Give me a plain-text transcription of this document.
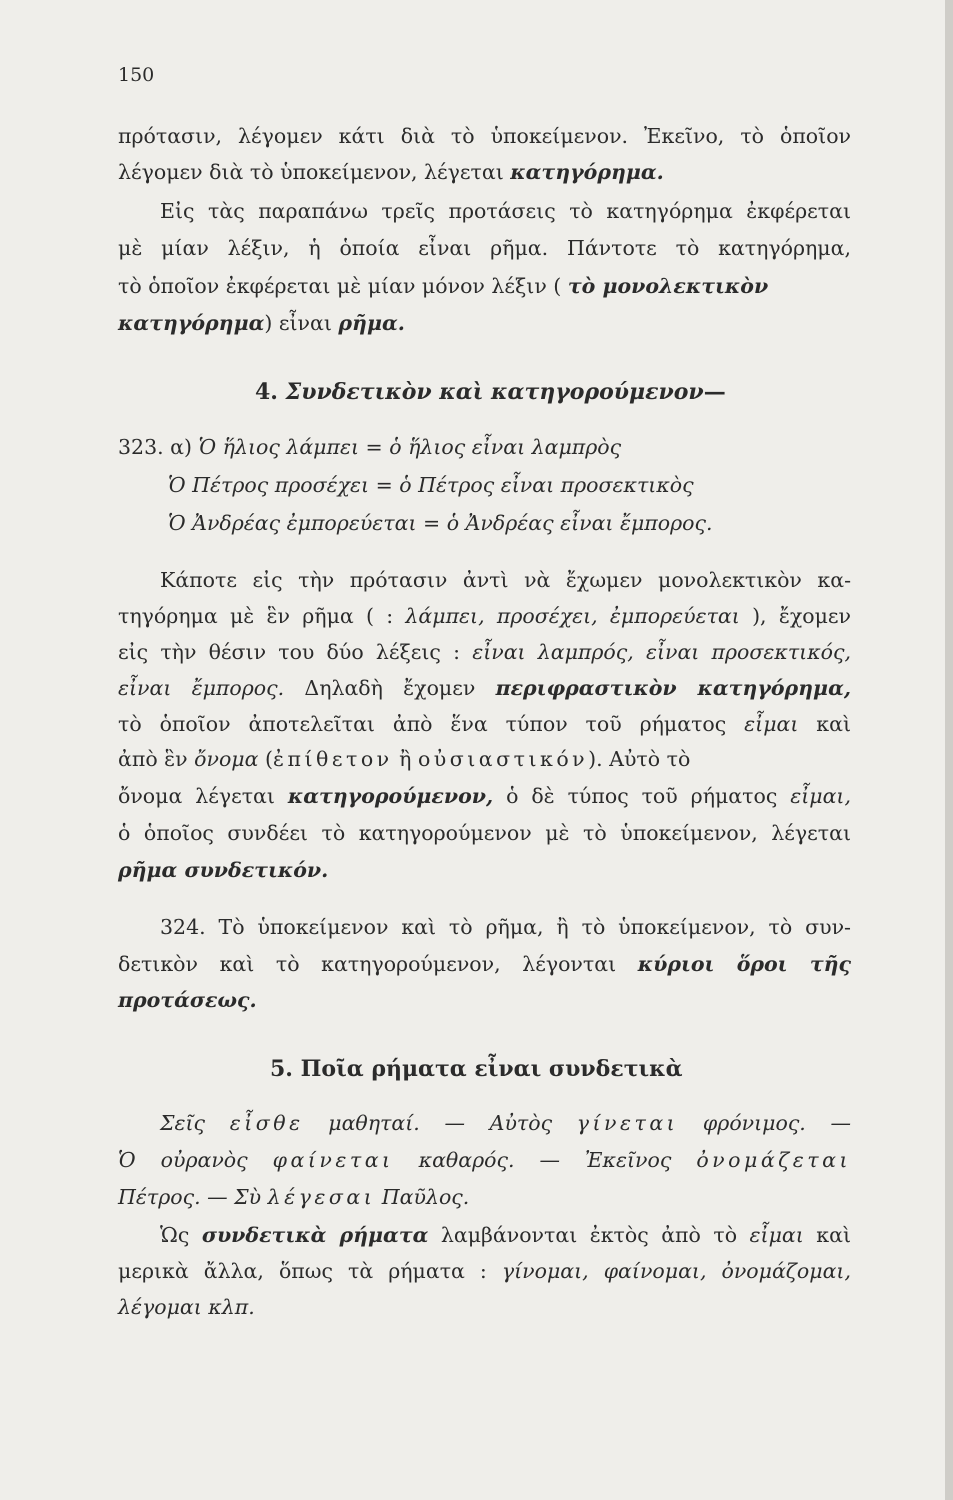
150
πρότασιν, λέγομεν κάτι διὰ τὸ ὑποκείμενον. Ἐκεῖνο, τὸ ὁποῖον
λέγομεν διὰ τὸ ὑποκείμενον, λέγεται κατηγόρημα.
Εἰς τὰς παραπάνω τρεῖς προτάσεις τὸ κατηγόρημα ἐκφέρεται
μὲ μίαν λέξιν, ἡ ὁποία εἶναι ρῆμα. Πάντοτε τὸ κατηγόρημα,
τὸ ὁποῖον ἐκφέρεται μὲ μίαν μόνον λέξιν ( τὸ μονολεκτικὸν
κατηγόρημα) εἶναι ρῆμα.
4. Συνδετικὸν καὶ κατηγορούμενον—
323. α) Ὁ ἥλιος λάμπει = ὁ ἥλιος εἶναι λαμπρὸς
Ὁ Πέτρος προσέχει = ὁ Πέτρος εἶναι προσεκτικὸς
Ὁ Ἀνδρέας ἐμπορεύεται = ὁ Ἀνδρέας εἶναι ἔμπορος.
Κάποτε εἰς τὴν πρότασιν ἀντὶ νὰ ἔχωμεν μονολεκτικὸν κα-
τηγόρημα μὲ ἓν ρῆμα ( : λάμπει, προσέχει, ἐμπορεύεται ), ἔχομεν
εἰς τὴν θέσιν του δύο λέξεις : εἶναι λαμπρός, εἶναι προσεκτικός,
εἶναι ἔμπορος. Δηλαδὴ ἔχομεν περιφραστικὸν κατηγόρημα,
τὸ ὁποῖον ἀποτελεῖται ἀπὸ ἕνα τύπον τοῦ ρήματος εἶμαι καὶ
ἀπὸ ἓν ὄνομα (ἐπίθετον ἢ οὐσιαστικόν). Αὐτὸ τὸ
ὄνομα λέγεται κατηγορούμενον, ὁ δὲ τύπος τοῦ ρήματος εἶμαι,
ὁ ὁποῖος συνδέει τὸ κατηγορούμενον μὲ τὸ ὑποκείμενον, λέγεται
ρῆμα συνδετικόν.
324. Τὸ ὑποκείμενον καὶ τὸ ρῆμα, ἢ τὸ ὑποκείμενον, τὸ συν-
δετικὸν καὶ τὸ κατηγορούμενον, λέγονται κύριοι ὅροι τῆς
προτάσεως.
5. Ποῖα ρήματα εἶναι συνδετικὰ
Σεῖς εἶσθε μαθηταί. — Αὐτὸς γίνεται φρόνιμος. —
Ὁ οὐρανὸς φαίνεται καθαρός. — Ἐκεῖνος ὀνομάζεται
Πέτρος. — Σὺ λέγεσαι Παῦλος.
Ὡς συνδετικὰ ρήματα λαμβάνονται ἐκτὸς ἀπὸ τὸ εἶμαι καὶ
μερικὰ ἄλλα, ὅπως τὰ ρήματα : γίνομαι, φαίνομαι, ὀνομάζομαι,
λέγομαι κλπ.
